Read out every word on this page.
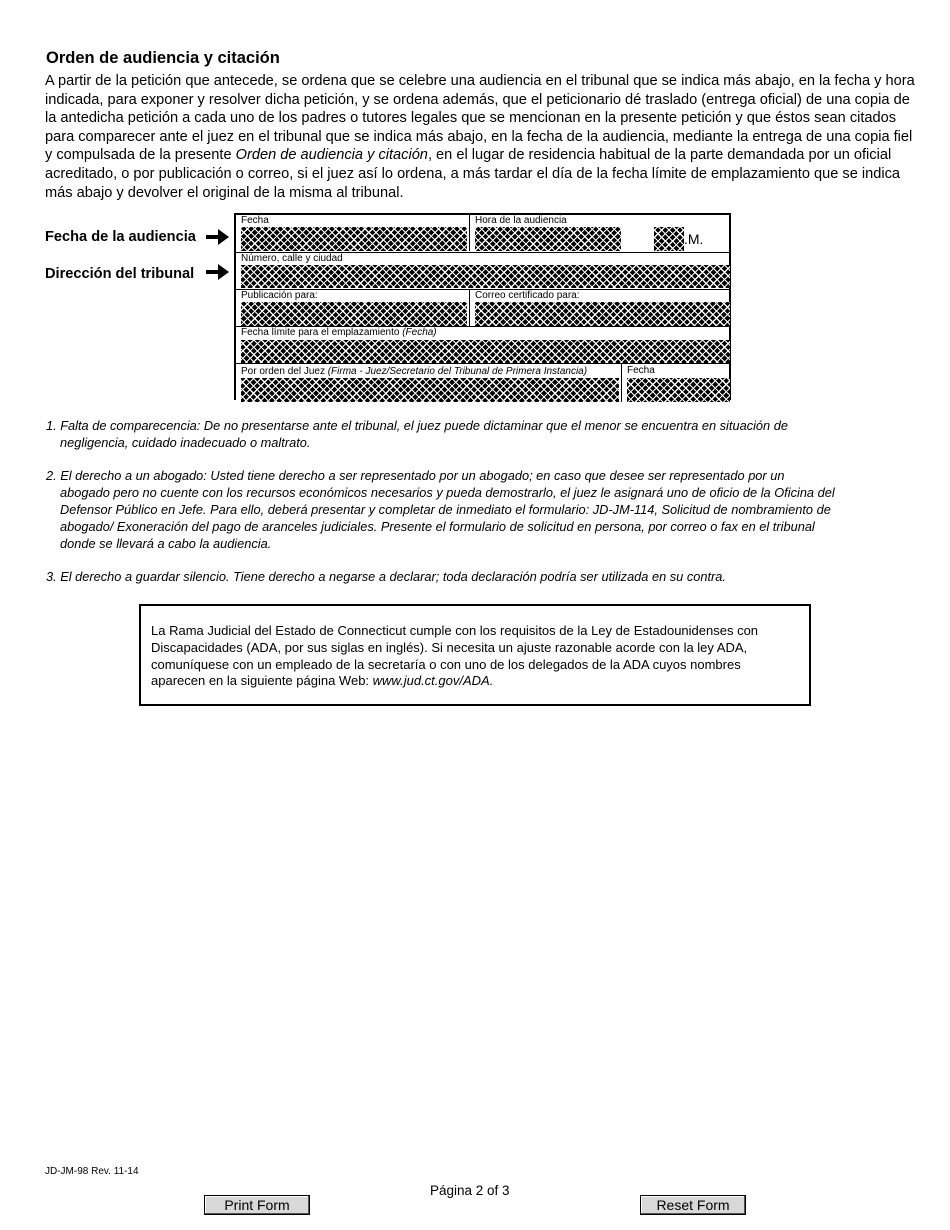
Orden de audiencia y citación
A partir de la petición que antecede, se ordena que se celebre una audiencia en el tribunal que se indica más abajo, en la fecha y hora indicada, para exponer y resolver dicha petición, y se ordena además, que el peticionario dé traslado (entrega oficial) de una copia de la antedicha petición a cada uno de los padres o tutores legales que se mencionan en la presente petición y que éstos sean citados para comparecer ante el juez en el tribunal que se indica más abajo, en la fecha de la audiencia, mediante la entrega de una copia fiel y compulsada de la presente Orden de audiencia y citación, en el lugar de residencia habitual de la parte demandada por un oficial acreditado, o por publicación o correo, si el juez así lo ordena, a más tardar el día de la fecha límite de emplazamiento que se indica más abajo y devolver el original de la misma al tribunal.
Fecha de la audiencia
Dirección del tribunal
Fecha	Hora de la audiencia
.M.
Número, calle y ciudad
Publicación para:	Correo certificado para:
Fecha límite para el emplazamiento (Fecha)
Por orden del Juez (Firma - Juez/Secretario del Tribunal de Primera Instancia)	Fecha
1. Falta de comparecencia: De no presentarse ante el tribunal, el juez puede dictaminar que el menor se encuentra en situación de
negligencia, cuidado inadecuado o maltrato.
2. El derecho a un abogado: Usted tiene derecho a ser representado por un abogado; en caso que desee ser representado por un
abogado pero no cuente con los recursos económicos necesarios y pueda demostrarlo, el juez le asignará uno de oficio de la Oficina del
Defensor Público en Jefe. Para ello, deberá presentar y completar de inmediato el formulario: JD-JM-114, Solicitud de nombramiento de
abogado/ Exoneración del pago de aranceles judiciales. Presente el formulario de solicitud en persona, por correo o fax en el tribunal
donde se llevará a cabo la audiencia.
3. El derecho a guardar silencio. Tiene derecho a negarse a declarar; toda declaración podría ser utilizada en su contra.
La Rama Judicial del Estado de Connecticut cumple con los requisitos de la Ley de Estadounidenses con Discapacidades (ADA, por sus siglas en inglés). Si necesita un ajuste razonable acorde con la ley ADA, comuníquese con un empleado de la secretaría o con uno de los delegados de la ADA cuyos nombres aparecen en la siguiente página Web: www.jud.ct.gov/ADA.
JD-JM-98 Rev. 11-14
Página 2 of 3
Print Form	Reset Form
